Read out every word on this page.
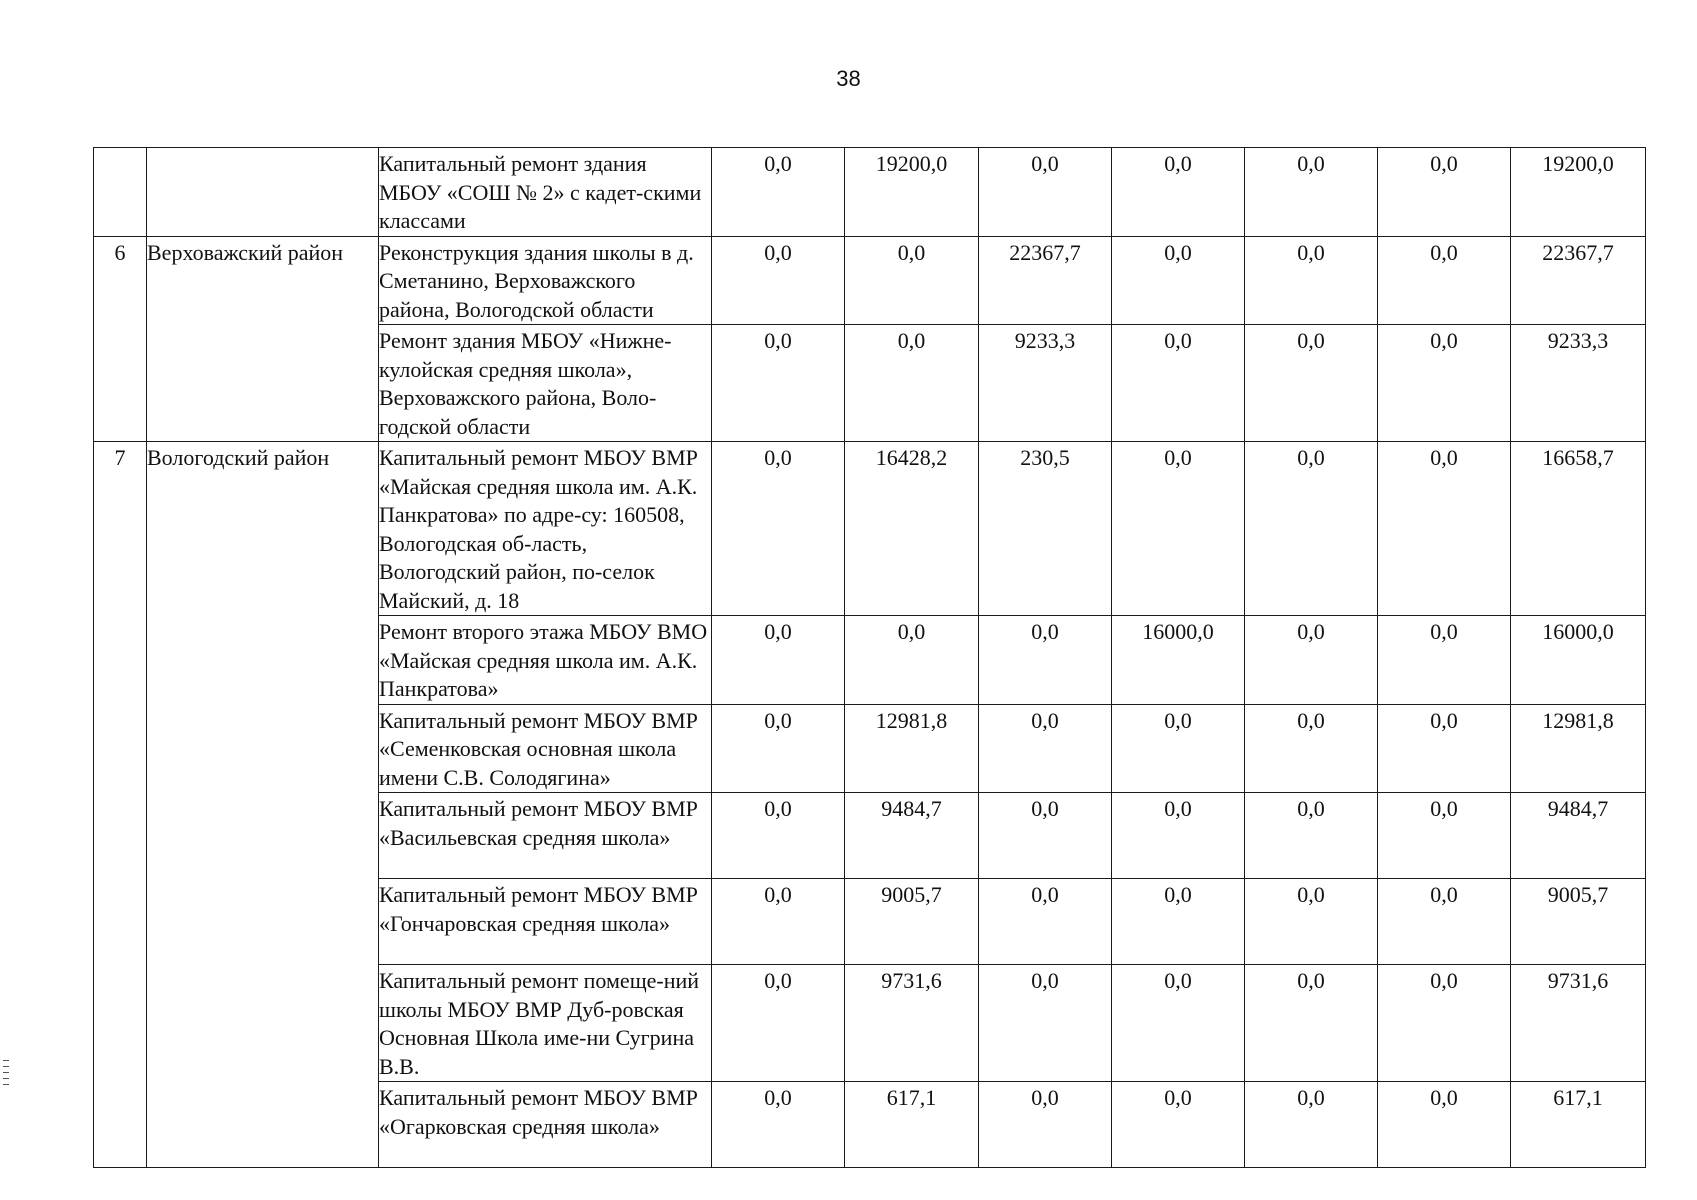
38
		Капитальный ремонт здания МБОУ «СОШ № 2» с кадет-скими классами	0,0	19200,0	0,0	0,0	0,0	0,0	19200,0
6	Верховажский район	Реконструкция здания школы в д. Сметанино, Верховажского района, Вологодской области	0,0	0,0	22367,7	0,0	0,0	0,0	22367,7
		Ремонт здания МБОУ «Нижне-кулойская средняя школа», Верховажского района, Воло-годской области	0,0	0,0	9233,3	0,0	0,0	0,0	9233,3
7	Вологодский район	Капитальный ремонт МБОУ ВМР «Майская средняя школа им. А.К. Панкратова» по адре-су: 160508, Вологодская об-ласть, Вологодский район, по-селок Майский, д. 18	0,0	16428,2	230,5	0,0	0,0	0,0	16658,7
		Ремонт второго этажа МБОУ ВМО «Майская средняя школа им. А.К. Панкратова»	0,0	0,0	0,0	16000,0	0,0	0,0	16000,0
		Капитальный ремонт МБОУ ВМР «Семенковская основная школа имени С.В. Солодягина»	0,0	12981,8	0,0	0,0	0,0	0,0	12981,8
		Капитальный ремонт МБОУ ВМР «Васильевская средняя школа»	0,0	9484,7	0,0	0,0	0,0	0,0	9484,7
		Капитальный ремонт МБОУ ВМР «Гончаровская средняя школа»	0,0	9005,7	0,0	0,0	0,0	0,0	9005,7
		Капитальный ремонт помеще-ний школы МБОУ ВМР Дуб-ровская Основная Школа име-ни Сугрина В.В.	0,0	9731,6	0,0	0,0	0,0	0,0	9731,6
		Капитальный ремонт МБОУ ВМР «Огарковская средняя школа»	0,0	617,1	0,0	0,0	0,0	0,0	617,1
